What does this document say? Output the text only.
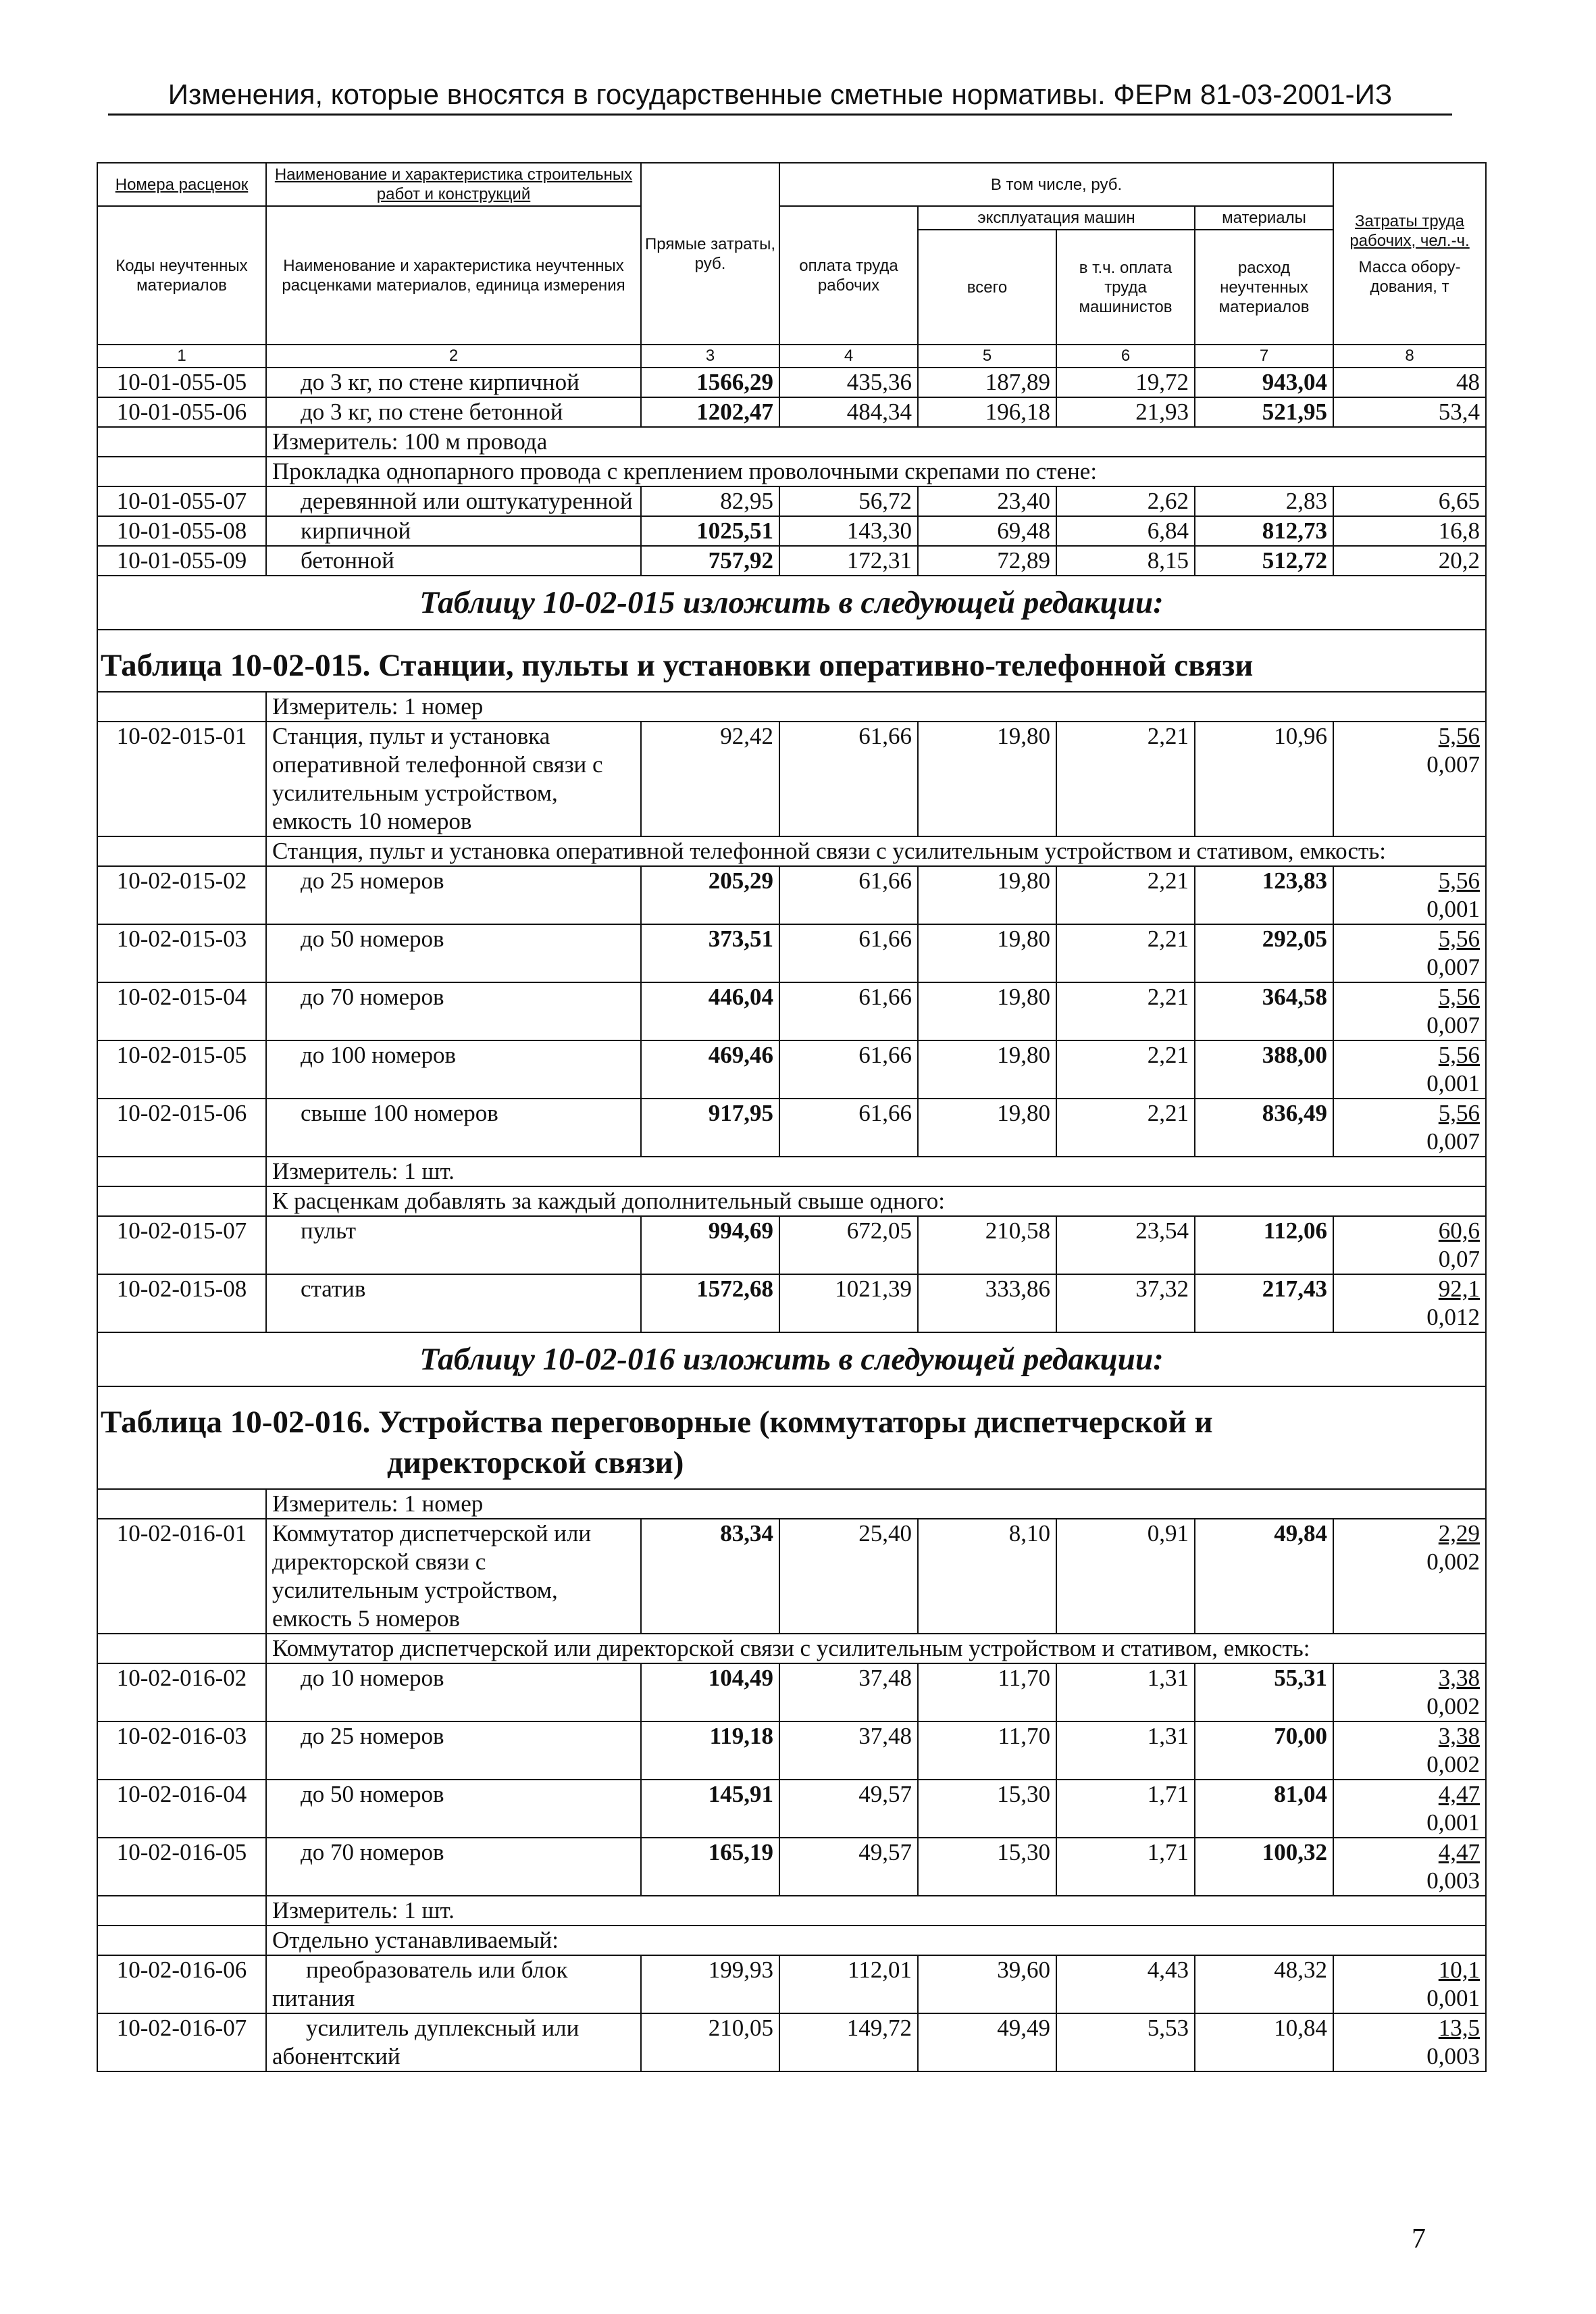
Изменения, которые вносятся в государственные сметные нормативы. ФЕРм 81-03-2001-ИЗ
Номера расценок	Наименование и характеристика строительных работ и конструкций	Прямые затраты, руб.	В том числе, руб.				Затраты труда рабочих, чел.-ч.
Масса обору-дования, т

Коды неучтенных материалов	Наименование и характеристика неучтенных расценками материалов, единица измерения		оплата труда рабочих	эксплуатация машин		материалы	
				всего	в т.ч. оплата труда машинистов	расход неучтенных материалов	
1	2	3	4	5	6	7	8
10-01-055-05	до 3 кг, по стене кирпичной	1566,29	435,36	187,89	19,72	943,04	48
10-01-055-06	до 3 кг, по стене бетонной	1202,47	484,34	196,18	21,93	521,95	53,4
	Измеритель: 100 м провода						
	Прокладка однопарного провода с креплением проволочными скрепами по стене:						
10-01-055-07	деревянной или оштукатуренной	82,95	56,72	23,40	2,62	2,83	6,65
10-01-055-08	кирпичной	1025,51	143,30	69,48	6,84	812,73	16,8
10-01-055-09	бетонной	757,92	172,31	72,89	8,15	512,72	20,2
Таблицу 10-02-015 изложить в следующей редакции:							
Таблица 10-02-015. Станции, пульты и установки оперативно-телефонной связи							
	Измеритель: 1 номер						
10-02-015-01	Станция, пульт и установка оперативной телефонной связи с усилительным устройством, емкость 10 номеров	92,42	61,66	19,80	2,21	10,96	5,56
0,007

	Станция, пульт и установка оперативной телефонной связи с усилительным устройством и стативом, емкость:						
10-02-015-02	до 25 номеров	205,29	61,66	19,80	2,21	123,83	5,56
0,001

10-02-015-03	до 50 номеров	373,51	61,66	19,80	2,21	292,05	5,56
0,007

10-02-015-04	до 70 номеров	446,04	61,66	19,80	2,21	364,58	5,56
0,007

10-02-015-05	до 100 номеров	469,46	61,66	19,80	2,21	388,00	5,56
0,001

10-02-015-06	свыше 100 номеров	917,95	61,66	19,80	2,21	836,49	5,56
0,007

	Измеритель: 1 шт.						
	К расценкам добавлять за каждый дополнительный свыше одного:						
10-02-015-07	пульт	994,69	672,05	210,58	23,54	112,06	60,6
0,07

10-02-015-08	статив	1572,68	1021,39	333,86	37,32	217,43	92,1
0,012

Таблицу 10-02-016 изложить в следующей редакции:							

Таблица 10-02-016. Устройства переговорные (коммутаторы диспетчерской и
директорской связи)							

	Измеритель: 1 номер						
10-02-016-01	Коммутатор диспетчерской или директорской связи с усилительным устройством, емкость 5 номеров	83,34	25,40	8,10	0,91	49,84	2,29
0,002

	Коммутатор диспетчерской или директорской связи с усилительным устройством и стативом, емкость:						
10-02-016-02	до 10 номеров	104,49	37,48	11,70	1,31	55,31	3,38
0,002

10-02-016-03	до 25 номеров	119,18	37,48	11,70	1,31	70,00	3,38
0,002

10-02-016-04	до 50 номеров	145,91	49,57	15,30	1,71	81,04	4,47
0,001

10-02-016-05	до 70 номеров	165,19	49,57	15,30	1,71	100,32	4,47
0,003

	Измеритель: 1 шт.						
	Отдельно устанавливаемый:						
10-02-016-06	преобразователь или блок питания	199,93	112,01	39,60	4,43	48,32	10,1
0,001

10-02-016-07	усилитель дуплексный или абонентский	210,05	149,72	49,49	5,53	10,84	13,5
0,003
7
